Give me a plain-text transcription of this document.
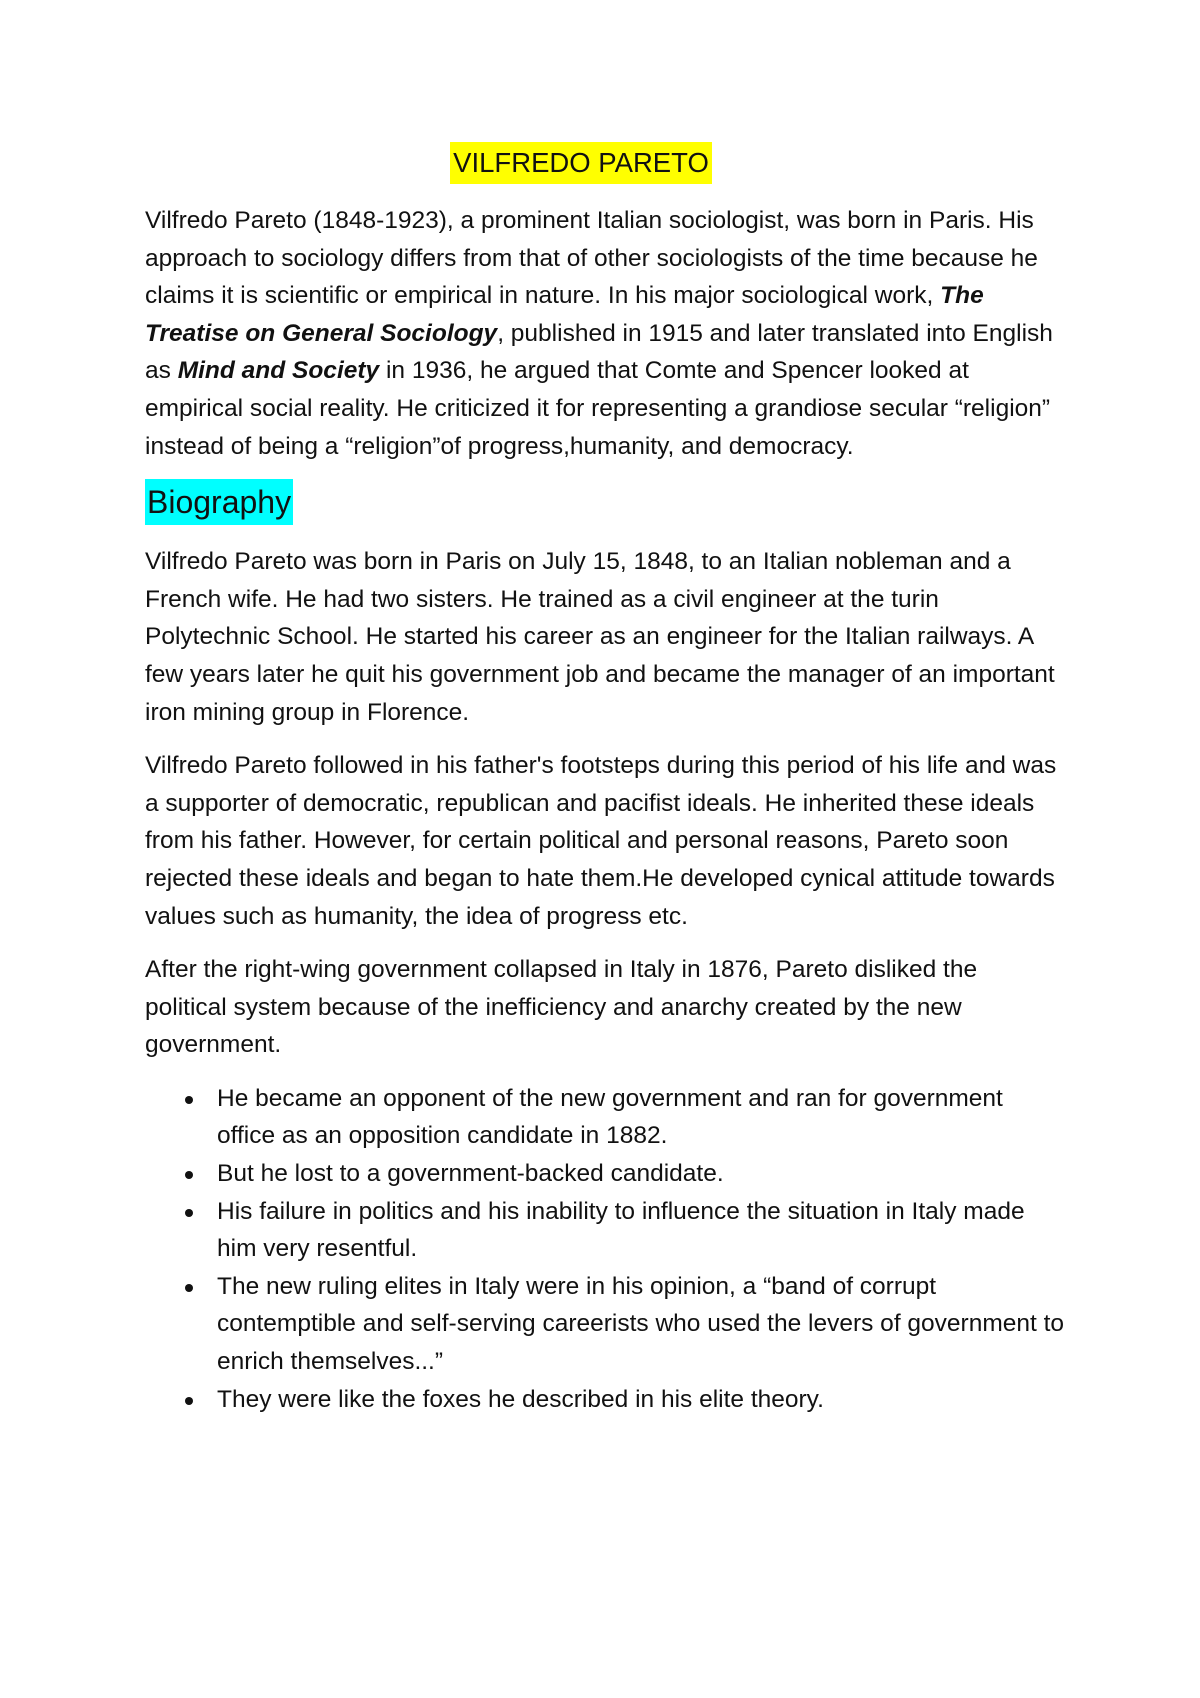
VILFREDO PARETO

Vilfredo Pareto (1848-1923), a prominent Italian sociologist, was born in Paris. His approach to sociology differs from that of other sociologists of the time because he claims it is scientific or empirical in nature. In his major sociological work, The Treatise on General Sociology, published in 1915 and later translated into English as Mind and Society in 1936, he argued that Comte and Spencer looked at empirical social reality. He criticized it for representing a grandiose secular “religion” instead of being a “religion”of progress,humanity, and democracy.

Biography

Vilfredo Pareto was born in Paris on July 15, 1848, to an Italian nobleman and a French wife. He had two sisters. He trained as a civil engineer at the turin Polytechnic School. He started his career as an engineer for the Italian railways. A few years later he quit his government job and became the manager of an important iron mining group in Florence.

Vilfredo Pareto followed in his father's footsteps during this period of his life and was a supporter of democratic, republican and pacifist ideals. He inherited these ideals from his father. However, for certain political and personal reasons, Pareto soon rejected these ideals and began to hate them.He developed cynical attitude towards values such as humanity, the idea of progress etc.

After the right-wing government collapsed in Italy in 1876, Pareto disliked the political system because of the inefficiency and anarchy created by the new government.

He became an opponent of the new government and ran for government office as an opposition candidate in 1882.
But he lost to a government-backed candidate.
His failure in politics and his inability to influence the situation in Italy made him very resentful.
The new ruling elites in Italy were in his opinion, a “band of corrupt contemptible and self-serving careerists who used the levers of government to enrich themselves...”
They were like the foxes he described in his elite theory.
